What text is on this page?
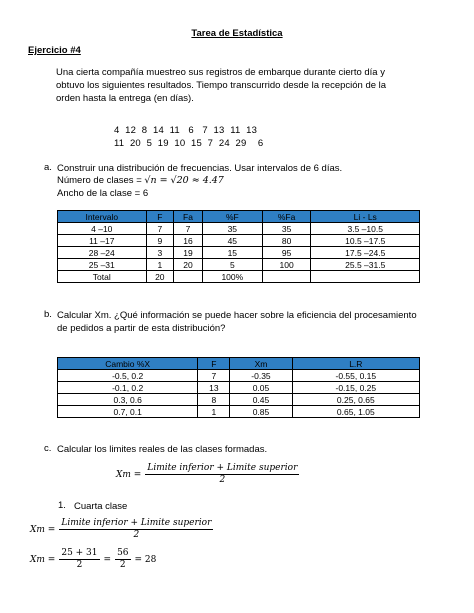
Tarea de Estadística
Ejercicio #4
Una cierta compañía muestreo sus registros de embarque durante cierto día y obtuvo los siguientes resultados. Tiempo transcurrido desde la recepción de la orden hasta la entrega (en días).
4  12  8  14  11   6   7  13  11  13
11  20  5  19  10  15  7  24  29    6
a. Construir una distribución de frecuencias. Usar intervalos de 6 días.
Número de clases = √n = √20 ≈ 4.47
Ancho de la clase = 6
Intervalo	F	Fa	%F	%Fa	Li - Ls
4 –10	7	7	35	35	3.5 –10.5
11 –17	9	16	45	80	10.5 –17.5
28 –24	3	19	15	95	17.5 –24.5
25 –31	1	20	5	100	25.5 –31.5
Total	20		100%		
b. Calcular Xm. ¿Qué información se puede hacer sobre la eficiencia del procesamiento de pedidos a partir de esta distribución?
Cambio %X	F	Xm	L.R
-0.5, 0.2	7	-0.35	-0.55, 0.15
-0.1, 0.2	13	0.05	-0.15, 0.25
0.3, 0.6	8	0.45	0.25, 0.65
0.7, 0.1	1	0.85	0.65, 1.05
c. Calcular los limites reales de las clases formadas.
$Xm = \frac{\text{Limite inferior + Limite superior}}{2}$
1. Cuarta clase
$Xm = \frac{\text{Limite inferior + Limite superior}}{2}$
$Xm = \frac{25 + 31}{2} = \frac{56}{2} = 28$
